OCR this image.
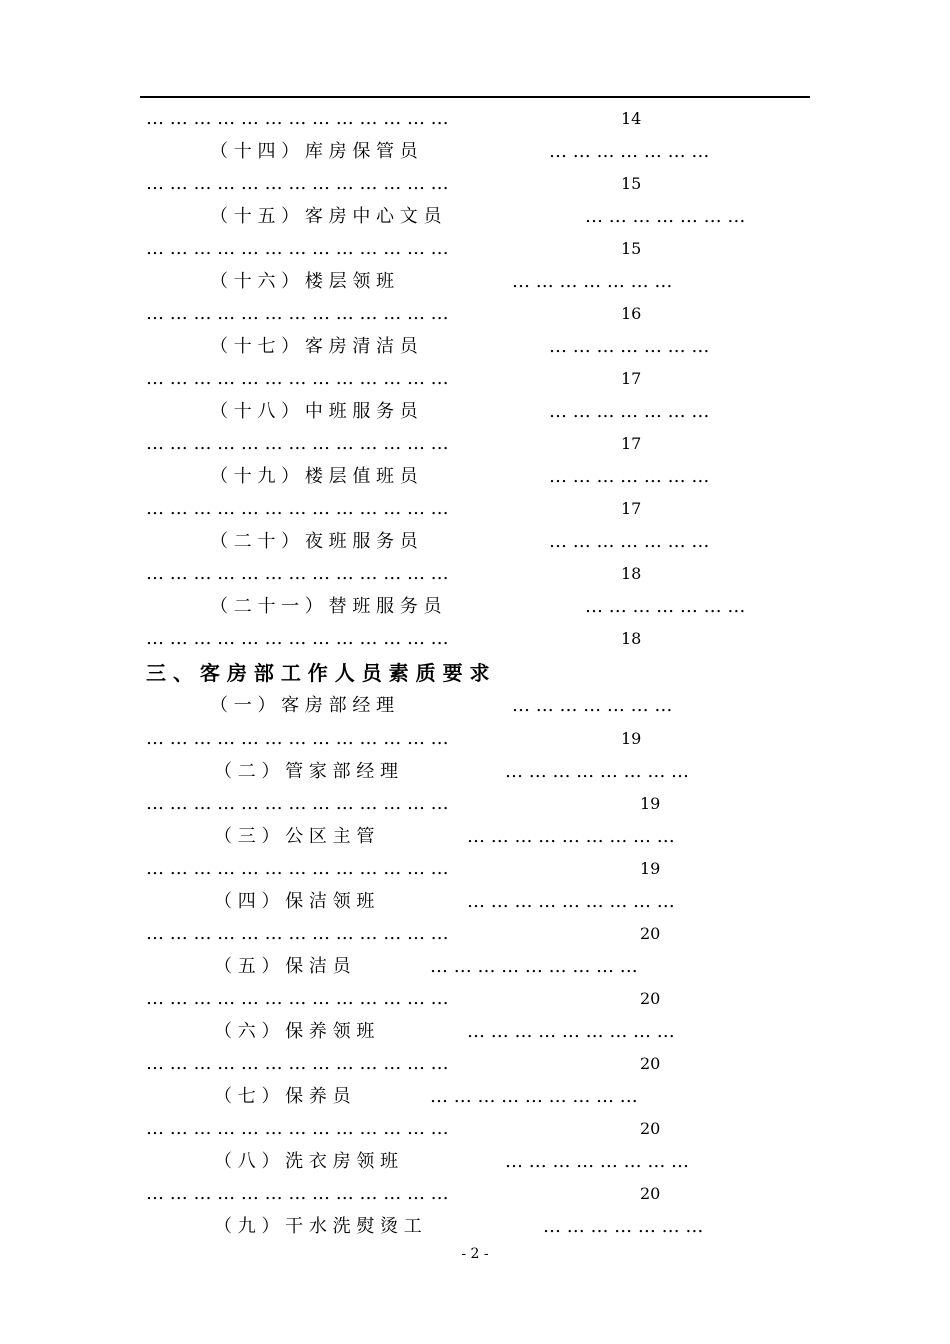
… … … … … … … … … … … … …	14
（ 十 四 ） 库 房 保 管 员	… … … … … … …
… … … … … … … … … … … … …	15
（ 十 五 ） 客 房 中 心 文 员	… … … … … … …
… … … … … … … … … … … … …	15
（ 十 六 ） 楼 层 领 班	… … … … … … …
… … … … … … … … … … … … …	16
（ 十 七 ） 客 房 清 洁 员	… … … … … … …
… … … … … … … … … … … … …	17
（ 十 八 ） 中 班 服 务 员	… … … … … … …
… … … … … … … … … … … … …	17
（ 十 九 ） 楼 层 值 班 员	… … … … … … …
… … … … … … … … … … … … …	17
（ 二 十 ） 夜 班 服 务 员	… … … … … … …
… … … … … … … … … … … … …	18
（ 二 十 一 ） 替 班 服 务 员	… … … … … … …
… … … … … … … … … … … … …	18
三 、 客 房 部 工 作 人 员 素 质 要 求
（ 一 ） 客 房 部 经 理	… … … … … … …
… … … … … … … … … … … … …	19
（ 二 ） 管 家 部 经 理	… … … … … … … …
… … … … … … … … … … … … …	19
（ 三 ） 公 区 主 管	… … … … … … … … …
… … … … … … … … … … … … …	19
（ 四 ） 保 洁 领 班	… … … … … … … … …
… … … … … … … … … … … … …	20
（ 五 ） 保 洁 员	… … … … … … … … …
… … … … … … … … … … … … …	20
（ 六 ） 保 养 领 班	… … … … … … … … …
… … … … … … … … … … … … …	20
（ 七 ） 保 养 员	… … … … … … … … …
… … … … … … … … … … … … …	20
（ 八 ） 洗 衣 房 领 班	… … … … … … … …
… … … … … … … … … … … … …	20
（ 九 ） 干 水 洗 熨 烫 工	… … … … … … …
- 2 -
